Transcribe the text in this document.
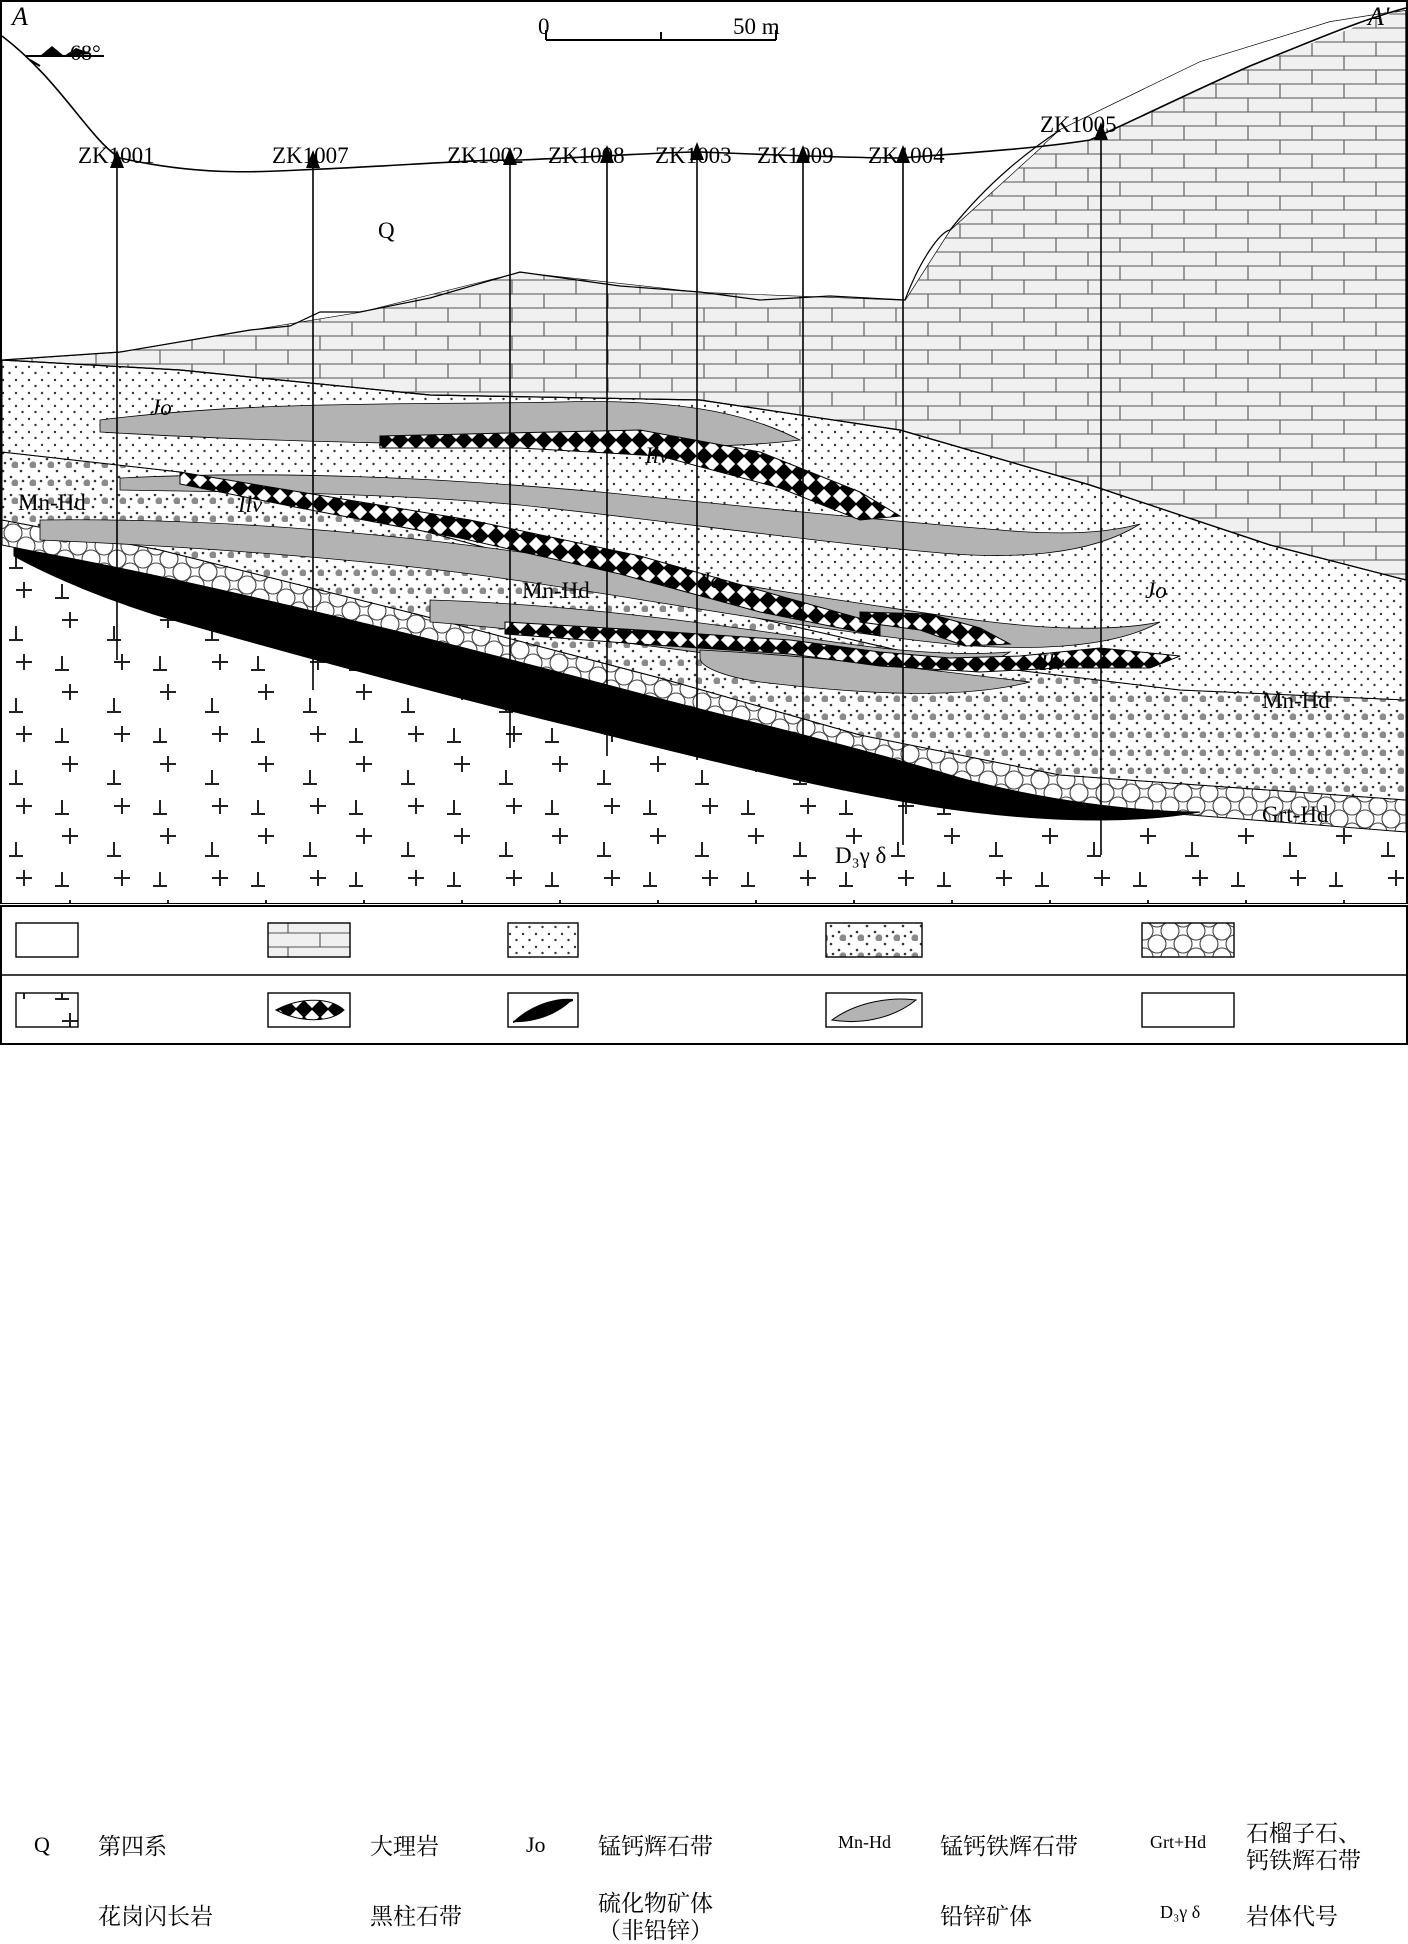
A	A'
68°
0	50 m
ZK1001	ZK1007	ZK1002 ZK1008 ZK1003 ZK1009 ZK1004
ZK1005
Q
Jo
Ilv
Mn-Hd	Ilv
Jo	Jo
Mn-Hd
Ilv
Mn-Hd
Grt-Hd
D₃γ δ
Q 第四系	大理岩	Jo 锰钙辉石带	Mn-Hd 锰钙铁辉石带	Grt+Hd 石榴子石、
钙铁辉石带
花岗闪长岩	黑柱石带	硫化物矿体
（非铅锌）
铅锌矿体	D₃γ δ 岩体代号
